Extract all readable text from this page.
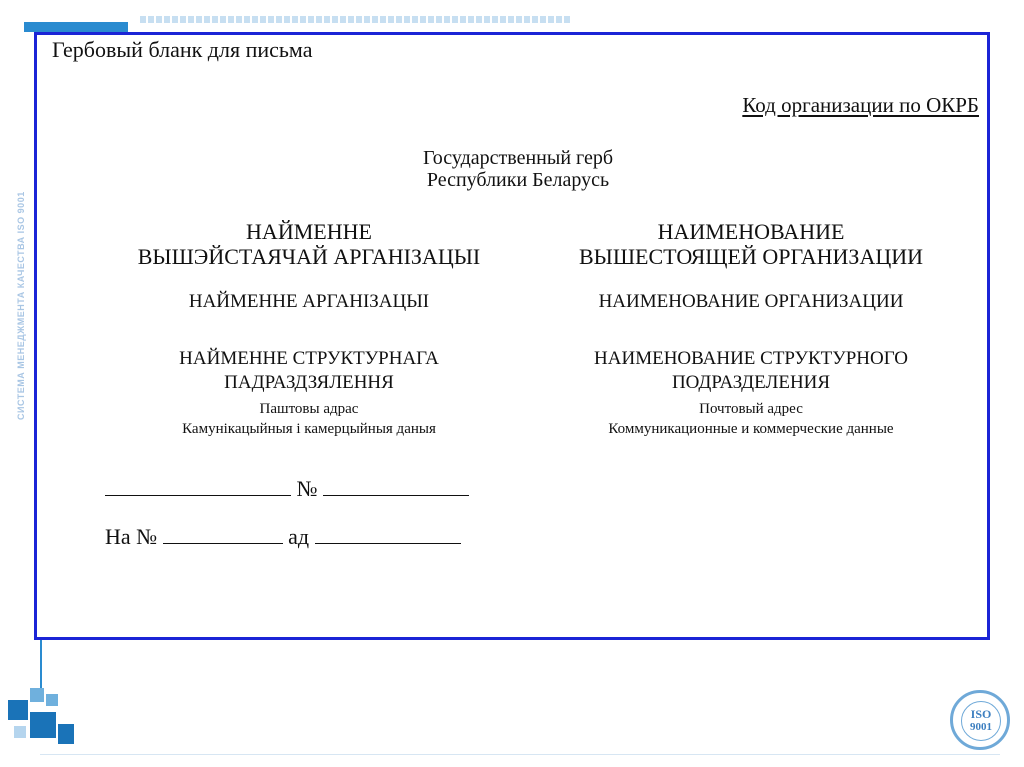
СИСТЕМА МЕНЕДЖМЕНТА КАЧЕСТВА ISO 9001
Гербовый бланк для письма
Код организации по ОКРБ
Государственный герб
Республики Беларусь
НАЙМЕННЕ
ВЫШЭЙСТАЯЧАЙ АРГАНІЗАЦЫІ
НАЙМЕННЕ АРГАНІЗАЦЫІ
НАЙМЕННЕ СТРУКТУРНАГА
ПАДРАЗДЗЯЛЕННЯ
Паштовы адрас
Камунікацыйныя і камерцыйныя даныя
НАИМЕНОВАНИЕ
ВЫШЕСТОЯЩЕЙ ОРГАНИЗАЦИИ
НАИМЕНОВАНИЕ ОРГАНИЗАЦИИ
НАИМЕНОВАНИЕ СТРУКТУРНОГО
ПОДРАЗДЕЛЕНИЯ
Почтовый адрес
Коммуникационные и коммерческие данные
№
На №	ад
ISO
9001
